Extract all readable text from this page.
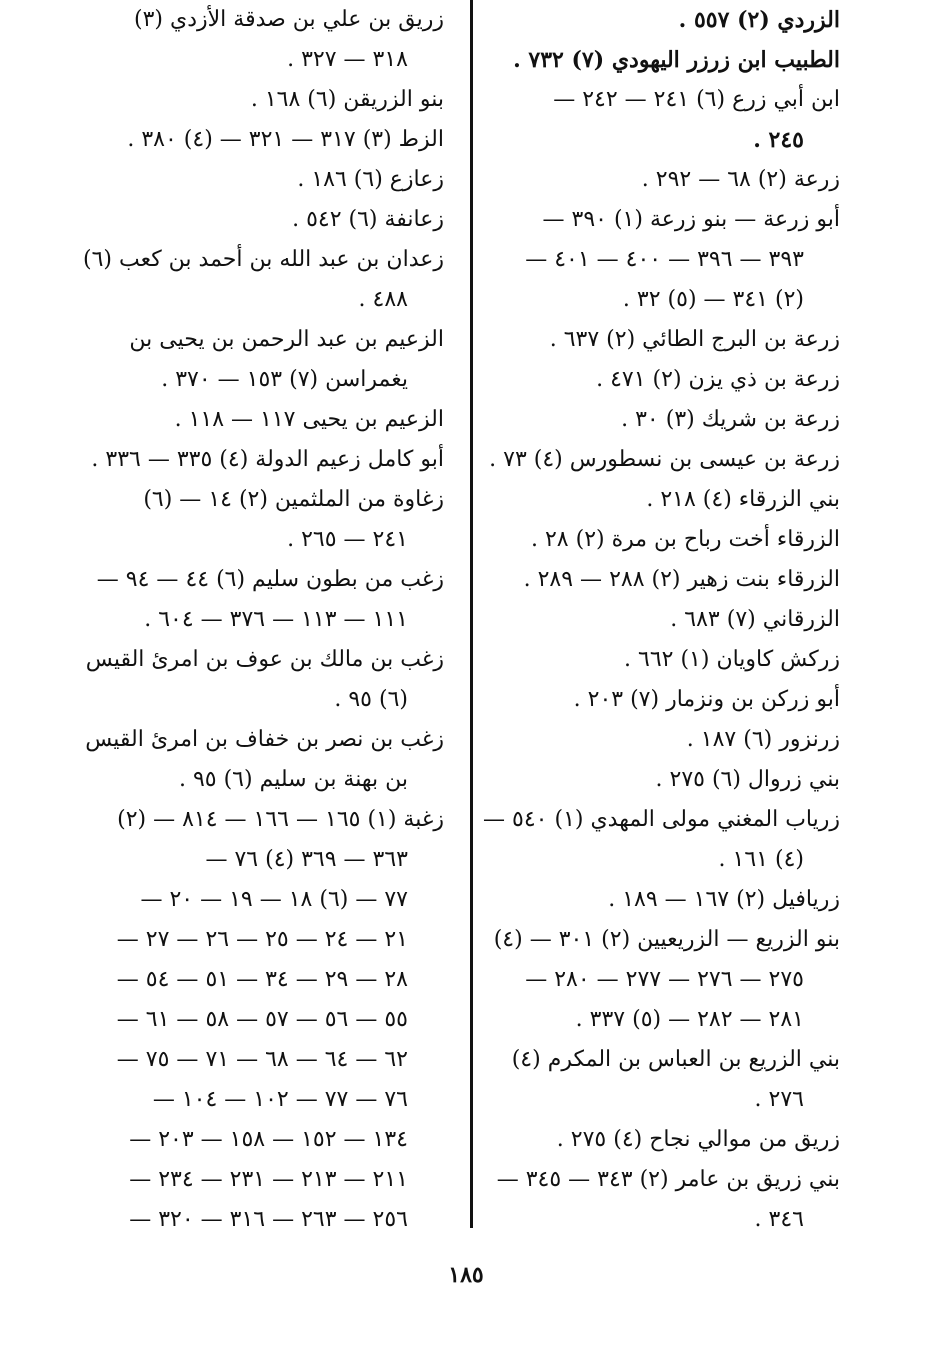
الزردي (٢) ٥٥٧ .
الطبيب ابن زرزر اليهودي (٧) ٧٣٢ .
ابن أبي زرع (٦) ٢٤١ — ٢٤٢ —
٢٤٥ .
زرعة (٢) ٦٨ — ٢٩٢ .
أبو زرعة — بنو زرعة (١) ٣٩٠ —
٣٩٣ — ٣٩٦ — ٤٠٠ — ٤٠١ —
(٢) ٣٤١ — (٥) ٣٢ .
زرعة بن البرج الطائي (٢) ٦٣٧ .
زرعة بن ذي يزن (٢) ٤٧١ .
زرعة بن شريك (٣) ٣٠ .
زرعة بن عيسى بن نسطورس (٤) ٧٣ .
بني الزرقاء (٤) ٢١٨ .
الزرقاء أخت رباح بن مرة (٢) ٢٨ .
الزرقاء بنت زهير (٢) ٢٨٨ — ٢٨٩ .
الزرقاني (٧) ٦٨٣ .
زركش كاويان (١) ٦٦٢ .
أبو زركن بن ونزمار (٧) ٢٠٣ .
زرنزور (٦) ١٨٧ .
بني زروال (٦) ٢٧٥ .
زرياب المغني مولى المهدي (١) ٥٤٠ —
(٤) ١٦١ .
زريافيل (٢) ١٦٧ — ١٨٩ .
بنو الزريع — الزريعيين (٢) ٣٠١ — (٤)
٢٧٥ — ٢٧٦ — ٢٧٧ — ٢٨٠ —
٢٨١ — ٢٨٢ — (٥) ٣٣٧ .
بني الزريع بن العباس بن المكرم (٤)
٢٧٦ .
زريق من موالي نجاح (٤) ٢٧٥ .
بني زريق بن عامر (٢) ٣٤٣ — ٣٤٥ —
٣٤٦ .
زريق بن علي بن صدقة الأزدي (٣)
٣١٨ — ٣٢٧ .
بنو الزريقن (٦) ١٦٨ .
الزط (٣) ٣١٧ — ٣٢١ — (٤) ٣٨٠ .
زعازع (٦) ١٨٦ .
زعانفة (٦) ٥٤٢ .
زعدان بن عبد الله بن أحمد بن كعب (٦)
٤٨٨ .
الزعيم بن عبد الرحمن بن يحيى بن
يغمراسن (٧) ١٥٣ — ٣٧٠ .
الزعيم بن يحيى ١١٧ — ١١٨ .
أبو كامل زعيم الدولة (٤) ٣٣٥ — ٣٣٦ .
زغاوة من الملثمين (٢) ١٤ — (٦)
٢٤١ — ٢٦٥ .
زغب من بطون سليم (٦) ٤٤ — ٩٤ —
١١١ — ١١٣ — ٣٧٦ — ٦٠٤ .
زغب بن مالك بن عوف بن امرئ القيس
(٦) ٩٥ .
زغب بن نصر بن خفاف بن امرئ القيس
بن بهنة بن سليم (٦) ٩٥ .
زغبة (١) ١٦٥ — ١٦٦ — ٨١٤ — (٢)
٣٦٣ — ٣٦٩ (٤) ٧٦ —
٧٧ — (٦) ١٨ — ١٩ — ٢٠ —
٢١ — ٢٤ — ٢٥ — ٢٦ — ٢٧ —
٢٨ — ٢٩ — ٣٤ — ٥١ — ٥٤ —
٥٥ — ٥٦ — ٥٧ — ٥٨ — ٦١ —
٦٢ — ٦٤ — ٦٨ — ٧١ — ٧٥ —
٧٦ — ٧٧ — ١٠٢ — ١٠٤ —
١٣٤ — ١٥٢ — ١٥٨ — ٢٠٣ —
٢١١ — ٢١٣ — ٢٣١ — ٢٣٤ —
٢٥٦ — ٢٦٣ — ٣١٦ — ٣٢٠ —
١٨٥
